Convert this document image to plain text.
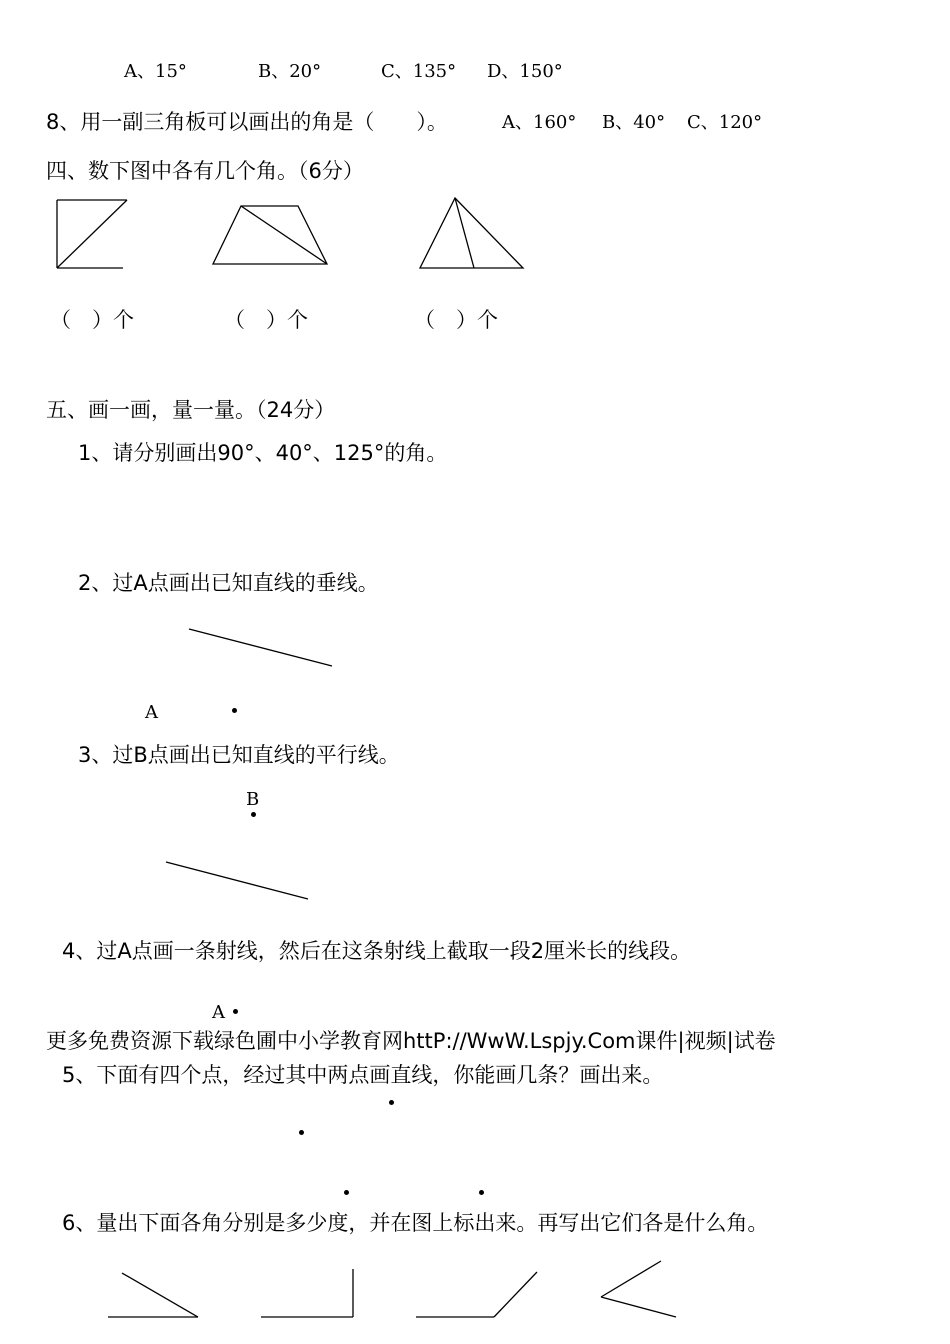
A、15°	B、20°	C、135° D、150°
8、用一副三角板可以画出的角是（　　）。	A、160° B、40° C、120°
四、数下图中各有几个角。（6分）
（　）个	（　）个	（　）个
五、画一画，量一量。（24分）
1、请分别画出90°、40°、125°的角。
2、过A点画出已知直线的垂线。
A
3、过B点画出已知直线的平行线。
B
4、过A点画一条射线，然后在这条射线上截取一段2厘米长的线段。
A
更多免费资源下载绿色圃中小学教育网httP://WwW.Lspjy.Com课件|视频|试卷
5、下面有四个点，经过其中两点画直线，你能画几条？画出来。
6、量出下面各角分别是多少度，并在图上标出来。再写出它们各是什么角。
